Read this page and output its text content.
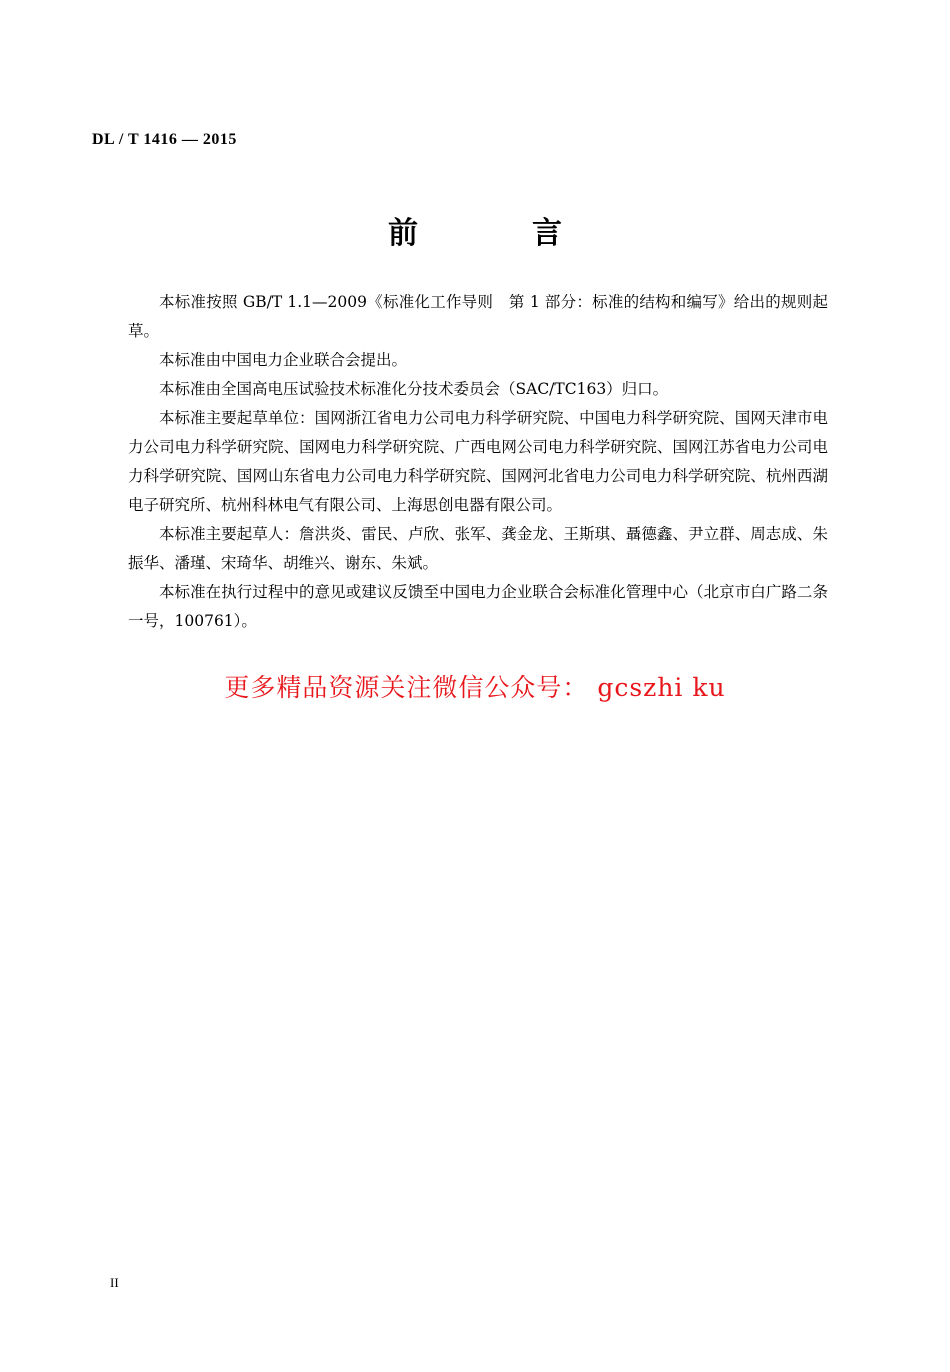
DL / T 1416 — 2015
前　　言

本标准按照 GB/T 1.1—2009《标准化工作导则　第 1 部分：标准的结构和编写》给出的规则起草。

本标准由中国电力企业联合会提出。

本标准由全国高电压试验技术标准化分技术委员会（SAC/TC163）归口。

本标准主要起草单位：国网浙江省电力公司电力科学研究院、中国电力科学研究院、国网天津市电力公司电力科学研究院、国网电力科学研究院、广西电网公司电力科学研究院、国网江苏省电力公司电力科学研究院、国网山东省电力公司电力科学研究院、国网河北省电力公司电力科学研究院、杭州西湖电子研究所、杭州科林电气有限公司、上海思创电器有限公司。

本标准主要起草人：詹洪炎、雷民、卢欣、张军、龚金龙、王斯琪、聶德鑫、尹立群、周志成、朱振华、潘瑾、宋琦华、胡维兴、谢东、朱斌。

本标准在执行过程中的意见或建议反馈至中国电力企业联合会标准化管理中心（北京市白广路二条一号，100761）。

更多精品资源关注微信公众号： gcszhi ku
II
